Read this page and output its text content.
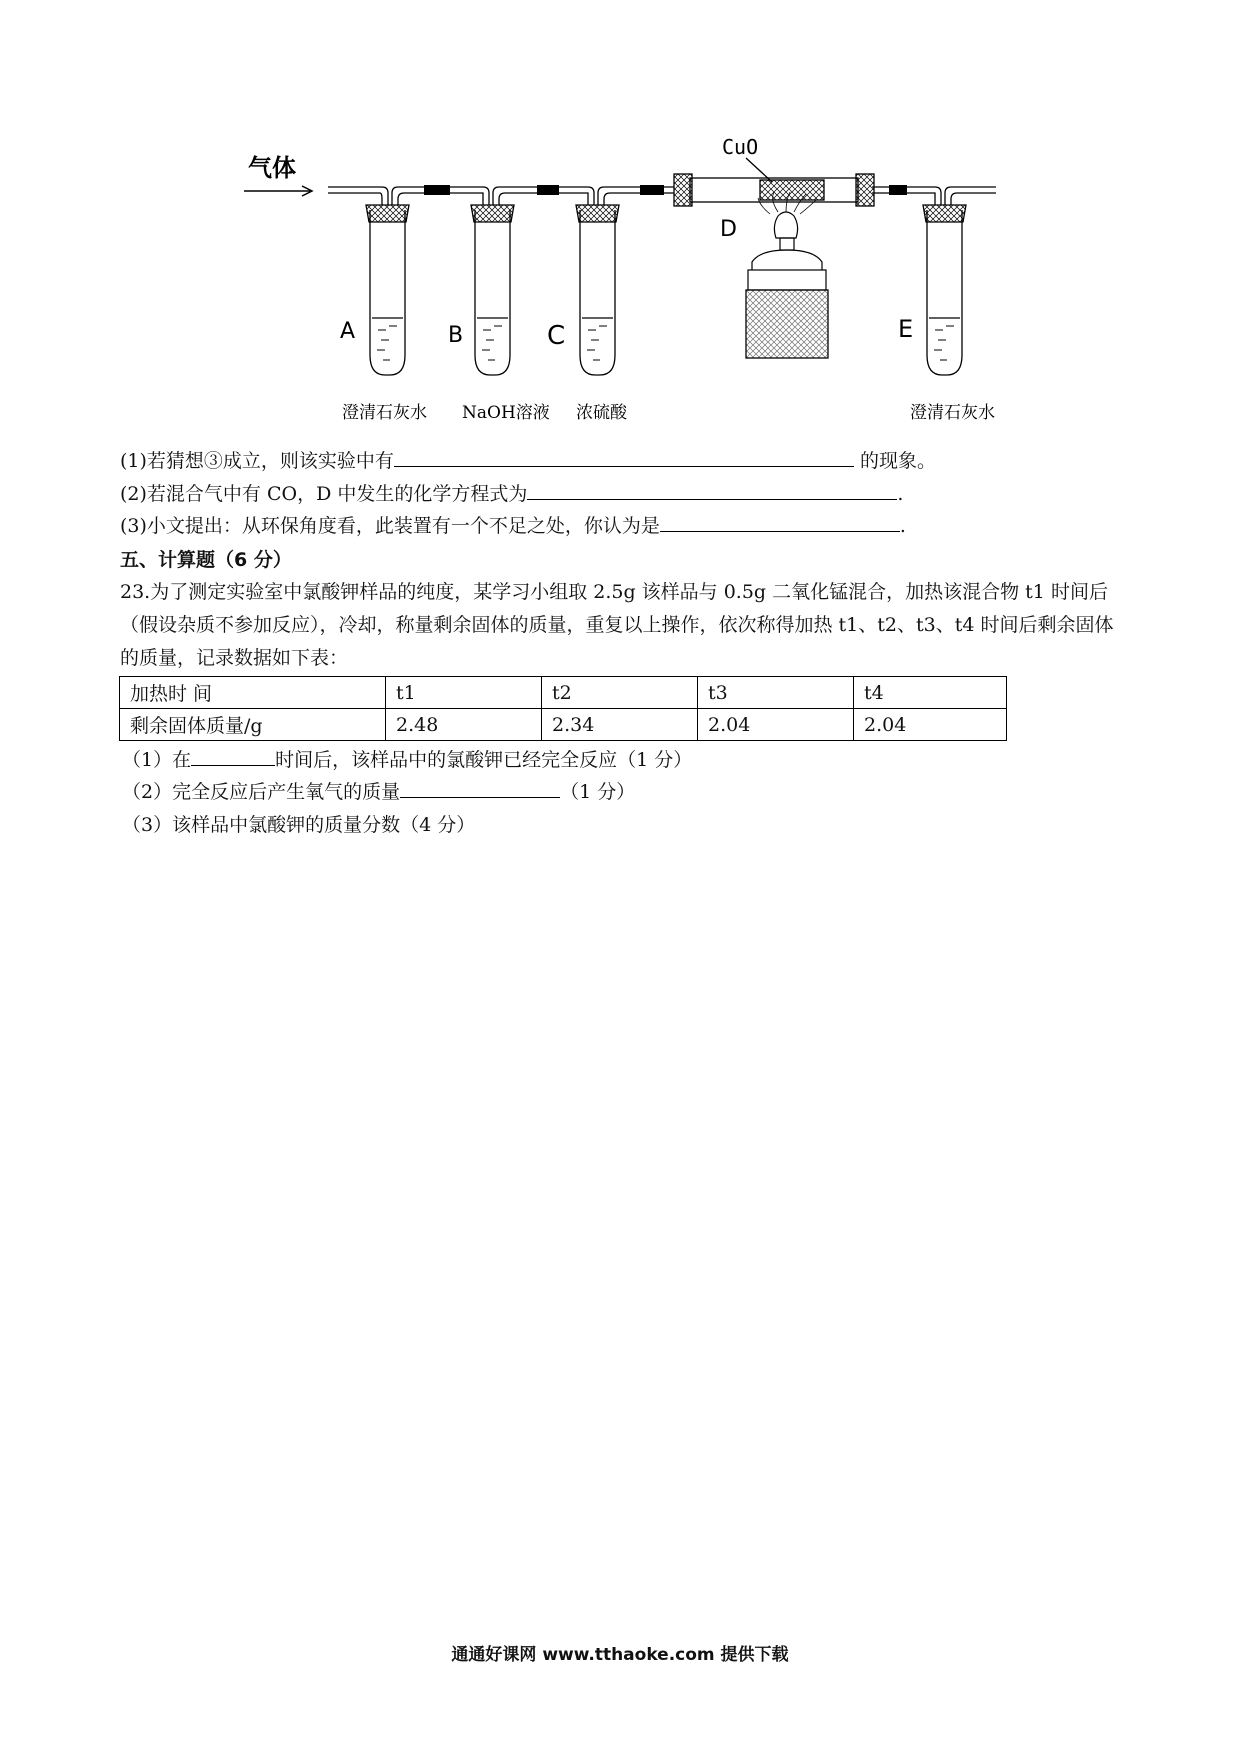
气体
CuO
A	B	C
D
E
澄清石灰水 NaOH溶液 浓硫酸	澄清石灰水
(1)若猜想③成立，则该实验中有	的现象。
(2)若混合气中有 CO，D 中发生的化学方程式为	.
(3)小文提出：从环保角度看，此装置有一个不足之处，你认为是	.
五、计算题（6 分）
23.为了测定实验室中氯酸钾样品的纯度，某学习小组取 2.5g 该样品与 0.5g 二氧化锰混合，加热该混合物 t1 时间后（假设杂质不参加反应），冷却，称量剩余固体的质量，重复以上操作，依次称得加热 t1、t2、t3、t4 时间后剩余固体的质量，记录数据如下表：
加热时 间	t1	t2	t3	t4
剩余固体质量/g	2.48	2.34	2.04	2.04
（1）在	时间后，该样品中的氯酸钾已经完全反应（1 分）
（2）完全反应后产生氧气的质量	（1 分）
（3）该样品中氯酸钾的质量分数（4 分）
通通好课网 www.tthaoke.com 提供下载
